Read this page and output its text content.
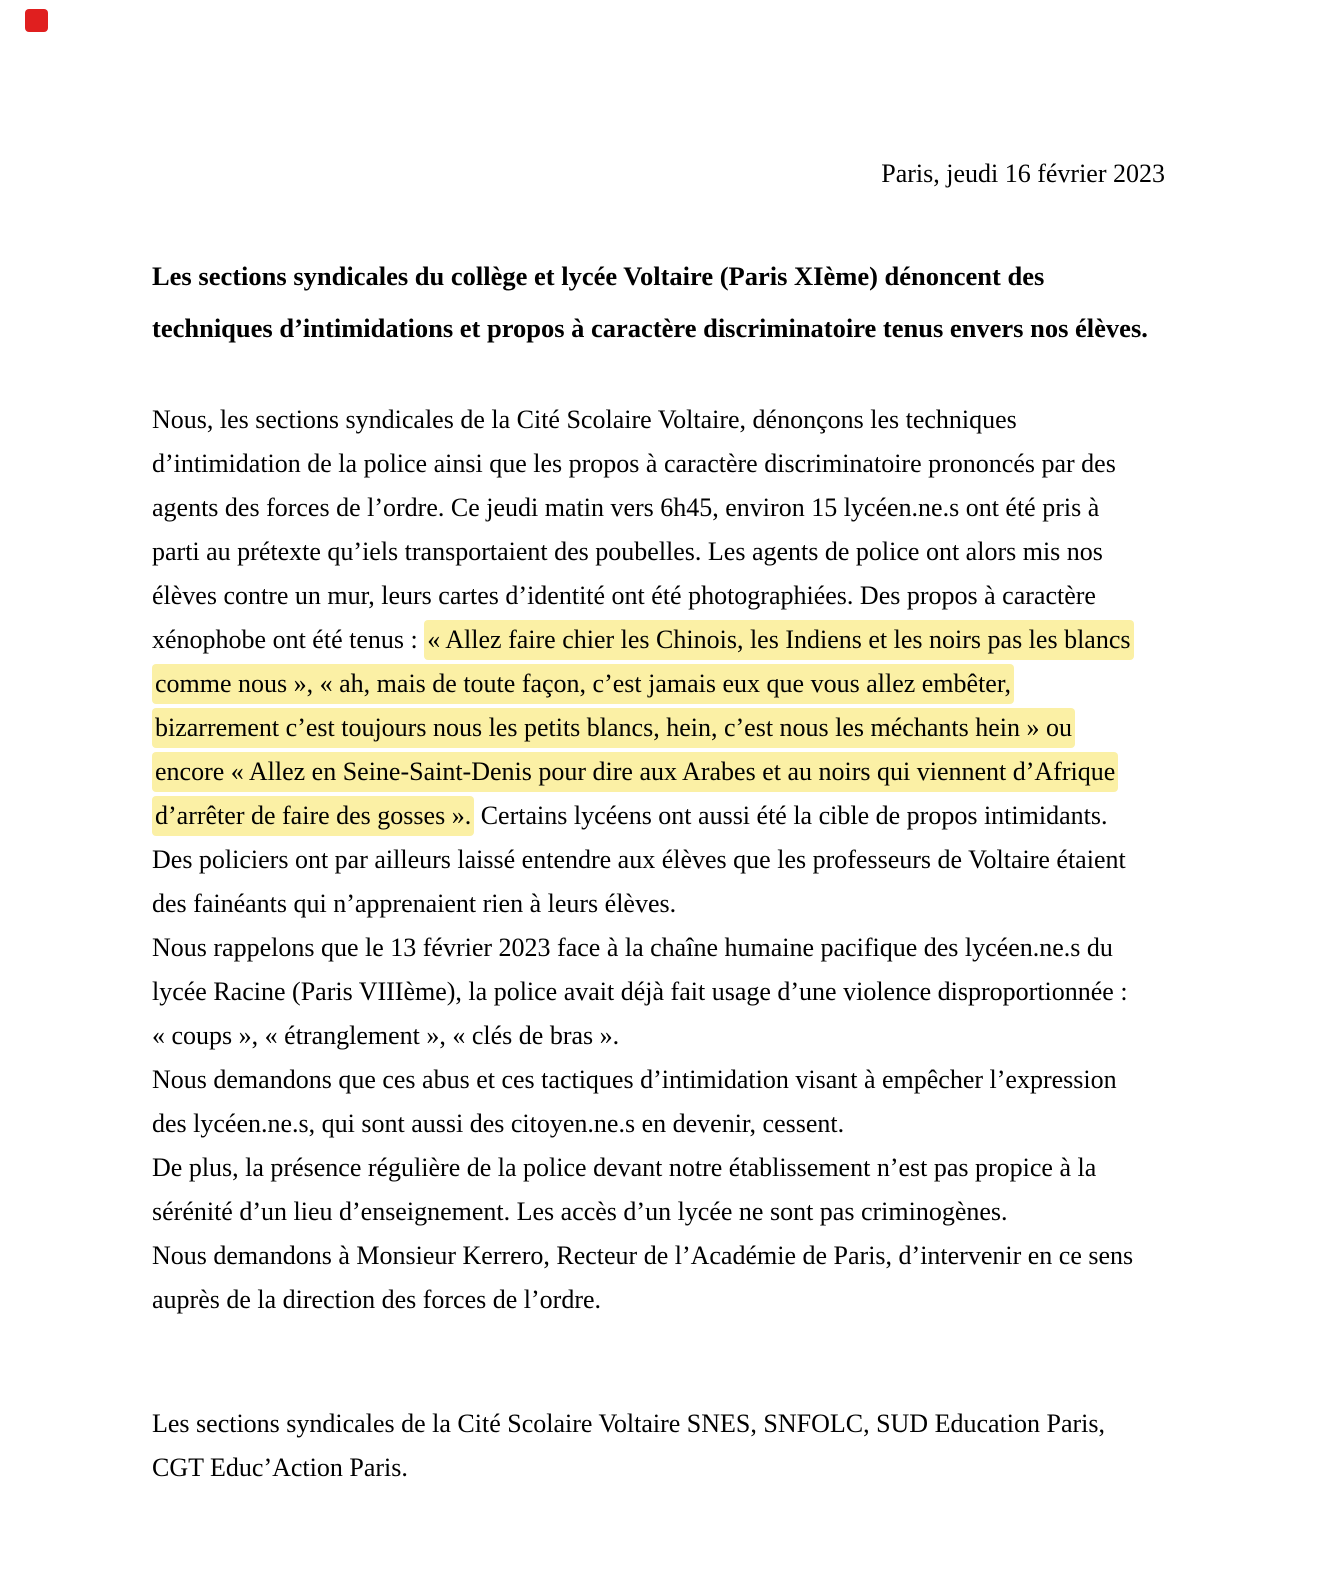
Paris, jeudi 16 février 2023
Les sections syndicales du collège et lycée Voltaire (Paris XIème) dénoncent des
techniques d’intimidations et propos à caractère discriminatoire tenus envers nos élèves.
Nous, les sections syndicales de la Cité Scolaire Voltaire, dénonçons les techniques
d’intimidation de la police ainsi que les propos à caractère discriminatoire prononcés par des
agents des forces de l’ordre. Ce jeudi matin vers 6h45, environ 15 lycéen.ne.s ont été pris à
parti au prétexte qu’iels transportaient des poubelles. Les agents de police ont alors mis nos
élèves contre un mur, leurs cartes d’identité ont été photographiées. Des propos à caractère
xénophobe ont été tenus : « Allez faire chier les Chinois, les Indiens et les noirs pas les blancs
comme nous », « ah, mais de toute façon, c’est jamais eux que vous allez embêter,
bizarrement c’est toujours nous les petits blancs, hein, c’est nous les méchants hein » ou
encore « Allez en Seine-Saint-Denis pour dire aux Arabes et au noirs qui viennent d’Afrique
d’arrêter de faire des gosses ». Certains lycéens ont aussi été la cible de propos intimidants.
Des policiers ont par ailleurs laissé entendre aux élèves que les professeurs de Voltaire étaient
des fainéants qui n’apprenaient rien à leurs élèves.
Nous rappelons que le 13 février 2023 face à la chaîne humaine pacifique des lycéen.ne.s du
lycée Racine (Paris VIIIème), la police avait déjà fait usage d’une violence disproportionnée :
« coups », « étranglement », « clés de bras ».
Nous demandons que ces abus et ces tactiques d’intimidation visant à empêcher l’expression
des lycéen.ne.s, qui sont aussi des citoyen.ne.s en devenir, cessent.
De plus, la présence régulière de la police devant notre établissement n’est pas propice à la
sérénité d’un lieu d’enseignement. Les accès d’un lycée ne sont pas criminogènes.
Nous demandons à Monsieur Kerrero, Recteur de l’Académie de Paris, d’intervenir en ce sens
auprès de la direction des forces de l’ordre.
Les sections syndicales de la Cité Scolaire Voltaire SNES, SNFOLC, SUD Education Paris,
CGT Educ’Action Paris.
